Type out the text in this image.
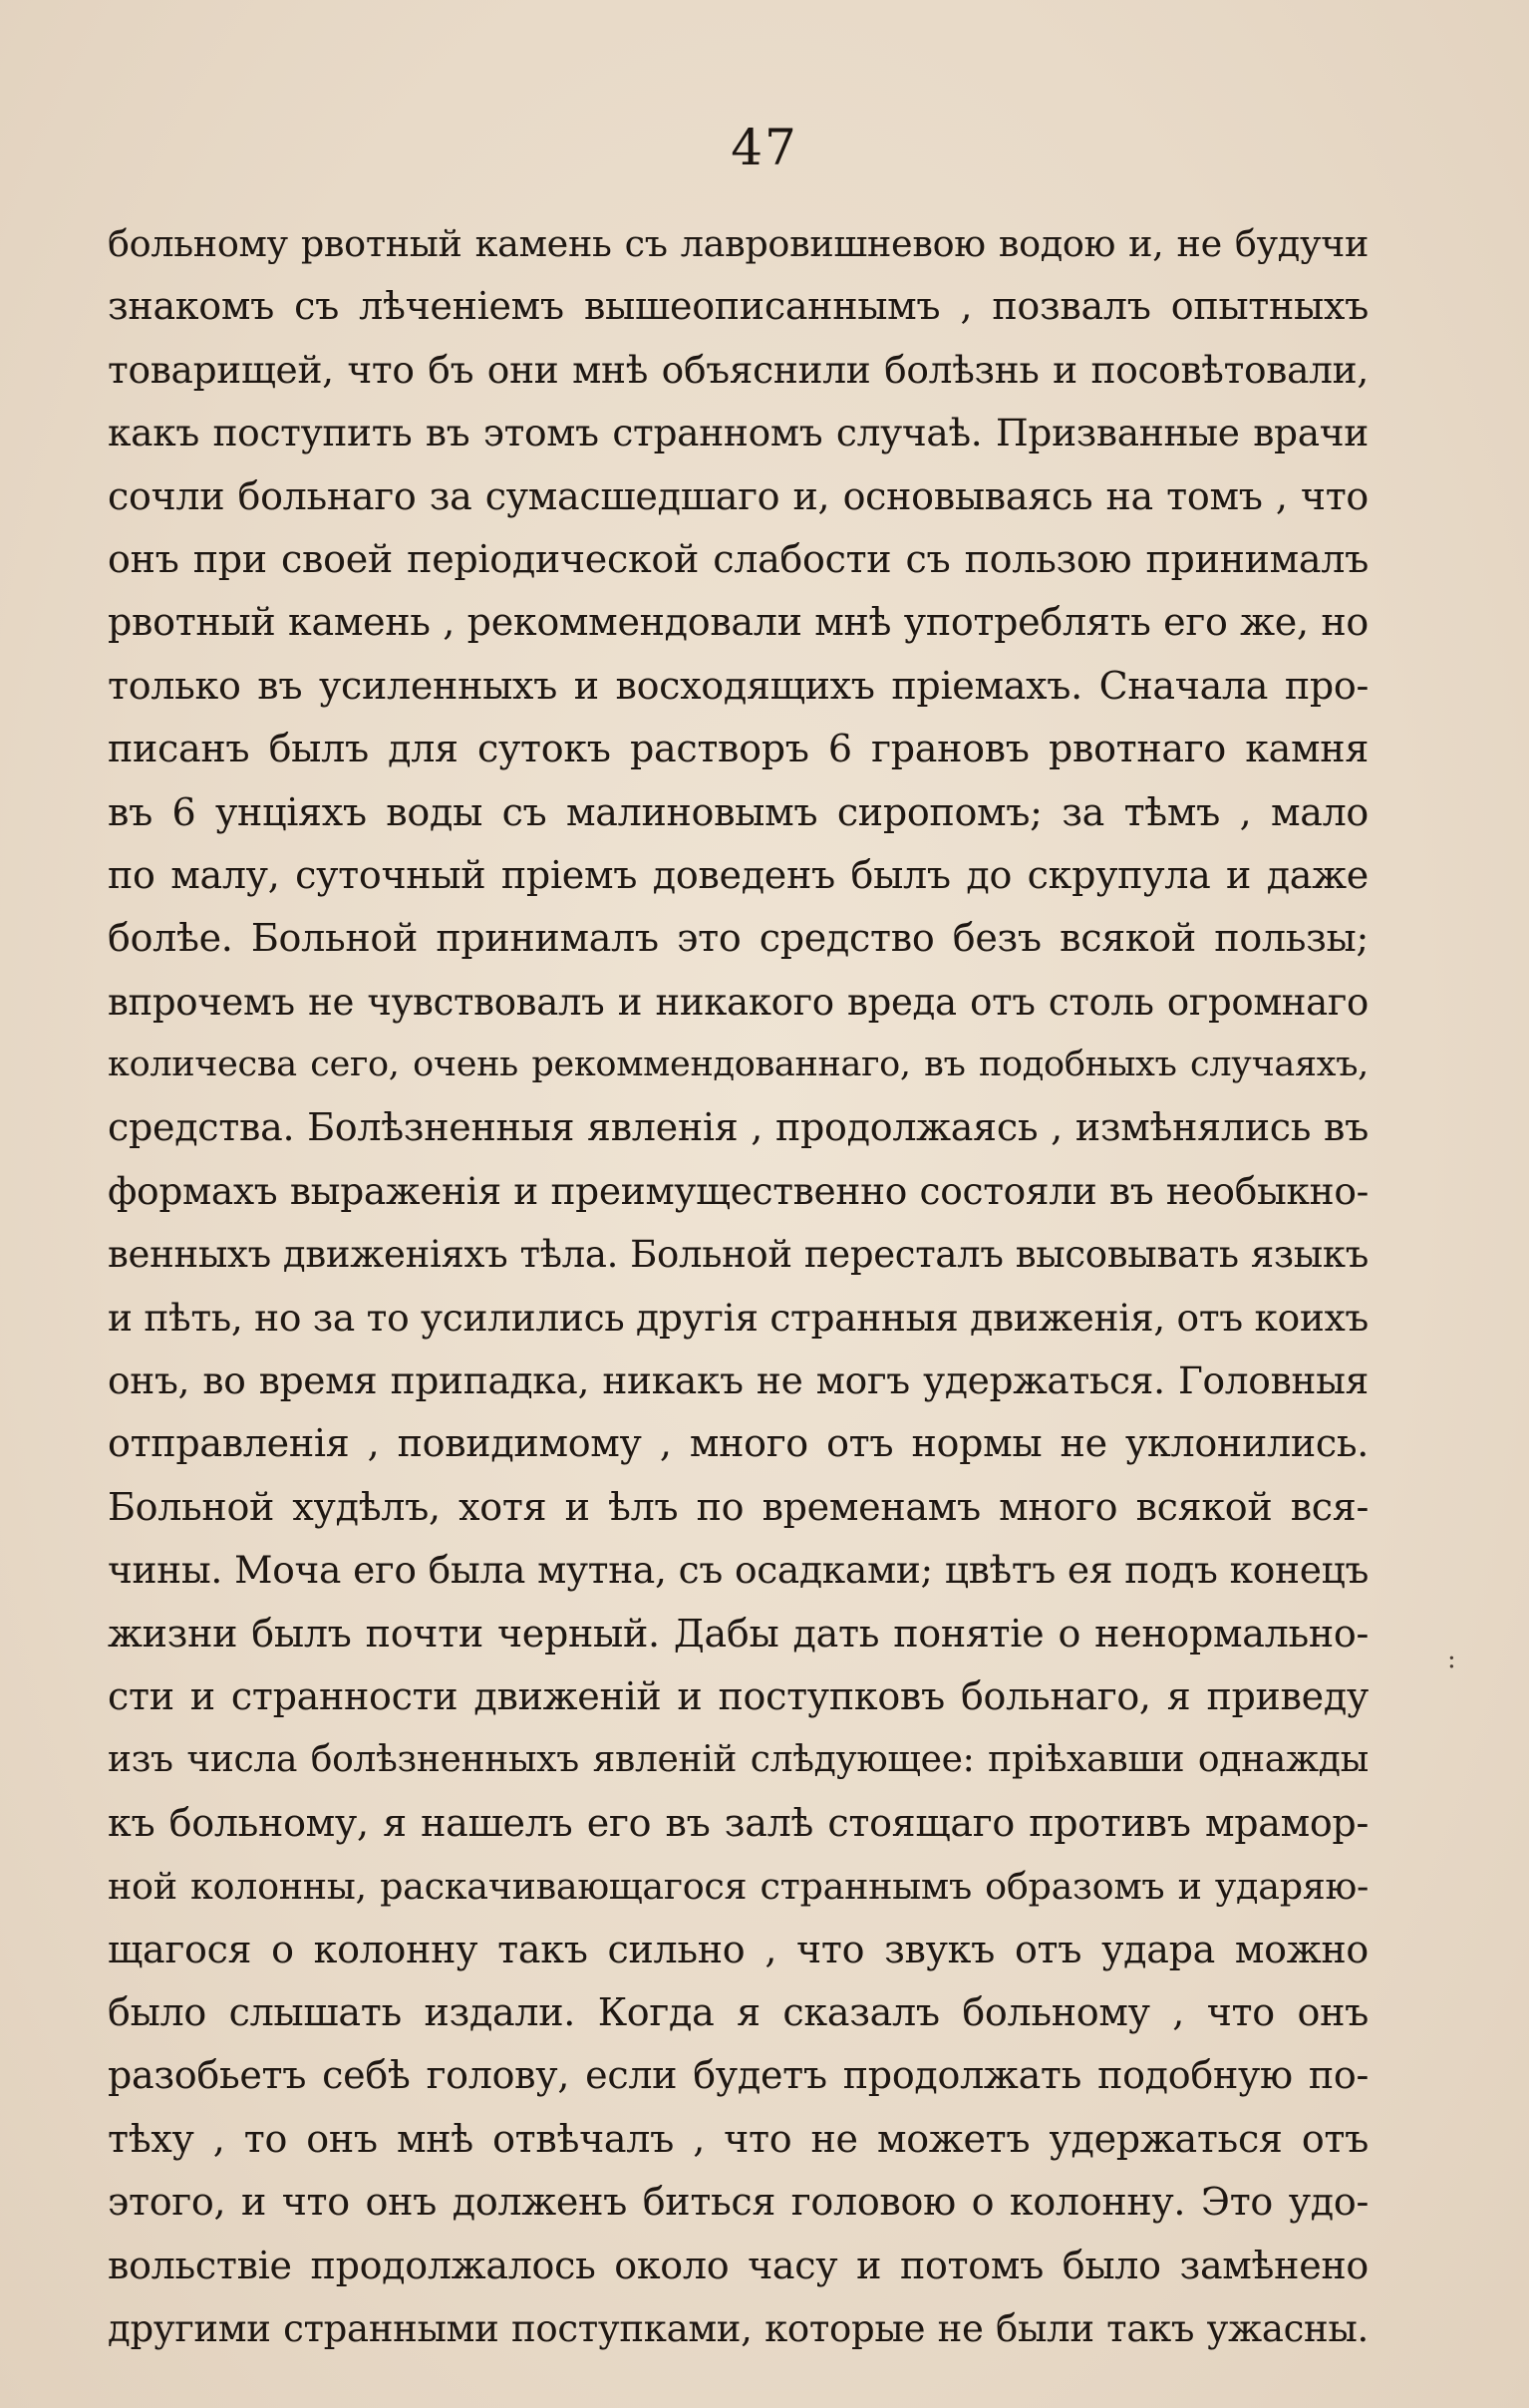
47
больному рвотный камень съ лавровишневою водою и, не будучи
знакомъ съ лѣченіемъ вышеописаннымъ , позвалъ опытныхъ
товарищей, что бъ они мнѣ объяснили болѣзнь и посовѣтовали,
какъ поступить въ этомъ странномъ случаѣ. Призванные врачи
сочли больнаго за сумасшедшаго и, основываясь на томъ , что
онъ при своей періодической слабости съ пользою принималъ
рвотный камень , рекоммендовали мнѣ употреблять его же, но
только въ усиленныхъ и восходящихъ пріемахъ. Сначала про-
писанъ былъ для сутокъ растворъ 6 грановъ рвотнаго камня
въ 6 унціяхъ воды съ малиновымъ сиропомъ; за тѣмъ , мало
по малу, суточный пріемъ доведенъ былъ до скрупула и даже
болѣе. Больной принималъ это средство безъ всякой пользы;
впрочемъ не чувствовалъ и никакого вреда отъ столь огромнаго
количесва сего, очень рекоммендованнаго, въ подобныхъ случаяхъ,
средства. Болѣзненныя явленія , продолжаясь , измѣнялись въ
формахъ выраженія и преимущественно состояли въ необыкно-
венныхъ движеніяхъ тѣла. Больной пересталъ высовывать языкъ
и пѣть, но за то усилились другія странныя движенія, отъ коихъ
онъ, во время припадка, никакъ не могъ удержаться. Головныя
отправленія , повидимому , много отъ нормы не уклонились.
Больной худѣлъ, хотя и ѣлъ по временамъ много всякой вся-
чины. Моча его была мутна, съ осадками; цвѣтъ ея подъ конецъ
жизни былъ почти черный. Дабы дать понятіе о ненормально-
сти и странности движеній и поступковъ больнаго, я приведу
изъ числа болѣзненныхъ явленій слѣдующее: пріѣхавши однажды
къ больному, я нашелъ его въ залѣ стоящаго противъ мрамор-
ной колонны, раскачивающагося страннымъ образомъ и ударяю-
щагося о колонну такъ сильно , что звукъ отъ удара можно
было слышать издали. Когда я сказалъ больному , что онъ
разобьетъ себѣ голову, если будетъ продолжать подобную по-
тѣху , то онъ мнѣ отвѣчалъ , что не можетъ удержаться отъ
этого, и что онъ долженъ биться головою о колонну. Это удо-
вольствіе продолжалось около часу и потомъ было замѣнено
другими странными поступками, которые не были такъ ужасны.
:
